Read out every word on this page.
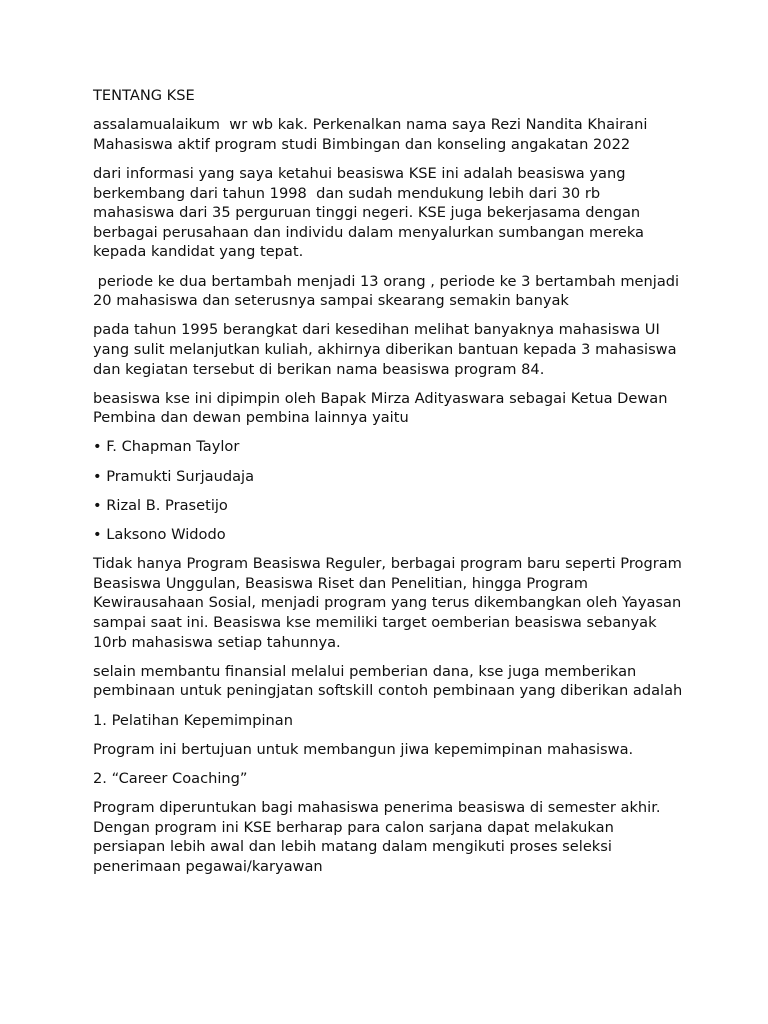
TENTANG KSE

assalamualaikum  wr wb kak. Perkenalkan nama saya Rezi Nandita Khairani Mahasiswa aktif program studi Bimbingan dan konseling angakatan 2022

dari informasi yang saya ketahui beasiswa KSE ini adalah beasiswa yang berkembang dari tahun 1998  dan sudah mendukung lebih dari 30 rb mahasiswa dari 35 perguruan tinggi negeri. KSE juga bekerjasama dengan berbagai perusahaan dan individu dalam menyalurkan sumbangan mereka kepada kandidat yang tepat.

periode ke dua bertambah menjadi 13 orang , periode ke 3 bertambah menjadi 20 mahasiswa dan seterusnya sampai skearang semakin banyak

pada tahun 1995 berangkat dari kesedihan melihat banyaknya mahasiswa UI yang sulit melanjutkan kuliah, akhirnya diberikan bantuan kepada 3 mahasiswa dan kegiatan tersebut di berikan nama beasiswa program 84.

beasiswa kse ini dipimpin oleh Bapak Mirza Adityaswara sebagai Ketua Dewan Pembina dan dewan pembina lainnya yaitu

• F. Chapman Taylor

• Pramukti Surjaudaja

• Rizal B. Prasetijo

• Laksono Widodo

Tidak hanya Program Beasiswa Reguler, berbagai program baru seperti Program Beasiswa Unggulan, Beasiswa Riset dan Penelitian, hingga Program Kewirausahaan Sosial, menjadi program yang terus dikembangkan oleh Yayasan sampai saat ini. Beasiswa kse memiliki target oemberian beasiswa sebanyak 10rb mahasiswa setiap tahunnya.

selain membantu finansial melalui pemberian dana, kse juga memberikan pembinaan untuk peningjatan softskill contoh pembinaan yang diberikan adalah

1. Pelatihan Kepemimpinan

Program ini bertujuan untuk membangun jiwa kepemimpinan mahasiswa.

2. “Career Coaching”

Program diperuntukan bagi mahasiswa penerima beasiswa di semester akhir. Dengan program ini KSE berharap para calon sarjana dapat melakukan persiapan lebih awal dan lebih matang dalam mengikuti proses seleksi penerimaan pegawai/karyawan
